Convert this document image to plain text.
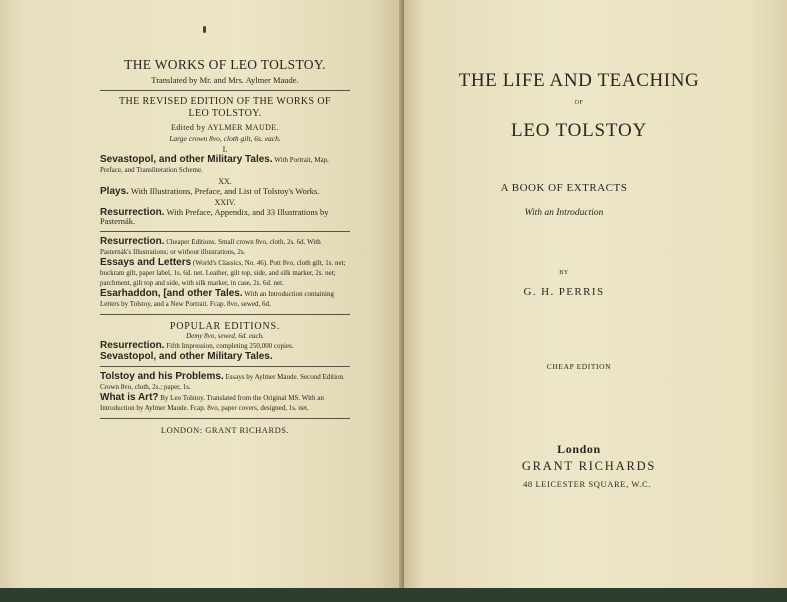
THE WORKS OF LEO TOLSTOY.
Translated by Mr. and Mrs. Aylmer Maude.
THE REVISED EDITION OF THE WORKS OF
LEO TOLSTOY.
Edited by AYLMER MAUDE.
Large crown 8vo, cloth gilt, 6s. each.
I.
Sevastopol, and other Military Tales. With Portrait, Map, Preface, and Transliteration Scheme.
XX.
Plays. With Illustrations, Preface, and List of Tolstoy's Works.
XXIV.
Resurrection. With Preface, Appendix, and 33 Illustrations by Pasternák.
Resurrection. Cheaper Editions. Small crown 8vo, cloth, 2s. 6d. With Pasternák's Illustrations; or without illustrations, 2s.
Essays and Letters (World's Classics, No. 46). Pott 8vo, cloth gilt, 1s. net; buckram gilt, paper label, 1s. 6d. net. Leather, gilt top, side, and silk marker, 2s. net; parchment, gilt top and side, with silk marker, in case, 2s. 6d. net.
Esarhaddon, [and other Tales. With an Introduction containing Letters by Tolstoy, and a New Portrait. Fcap. 8vo, sewed, 6d.
POPULAR EDITIONS.
Demy 8vo, sewed, 6d. each.
Resurrection. Fifth Impression, completing 250,000 copies.
Sevastopol, and other Military Tales.
Tolstoy and his Problems. Essays by Aylmer Maude. Second Edition. Crown 8vo, cloth, 2s.; paper, 1s.
What is Art? By Leo Tolstoy. Translated from the Original MS. With an Introduction by Aylmer Maude. Fcap. 8vo, paper covers, designed, 1s. net.
LONDON: GRANT RICHARDS.
THE LIFE AND TEACHING
OF
LEO TOLSTOY
A BOOK OF EXTRACTS
With an Introduction
BY
G. H. PERRIS
CHEAP EDITION
London
GRANT RICHARDS
48 LEICESTER SQUARE, W.C.
